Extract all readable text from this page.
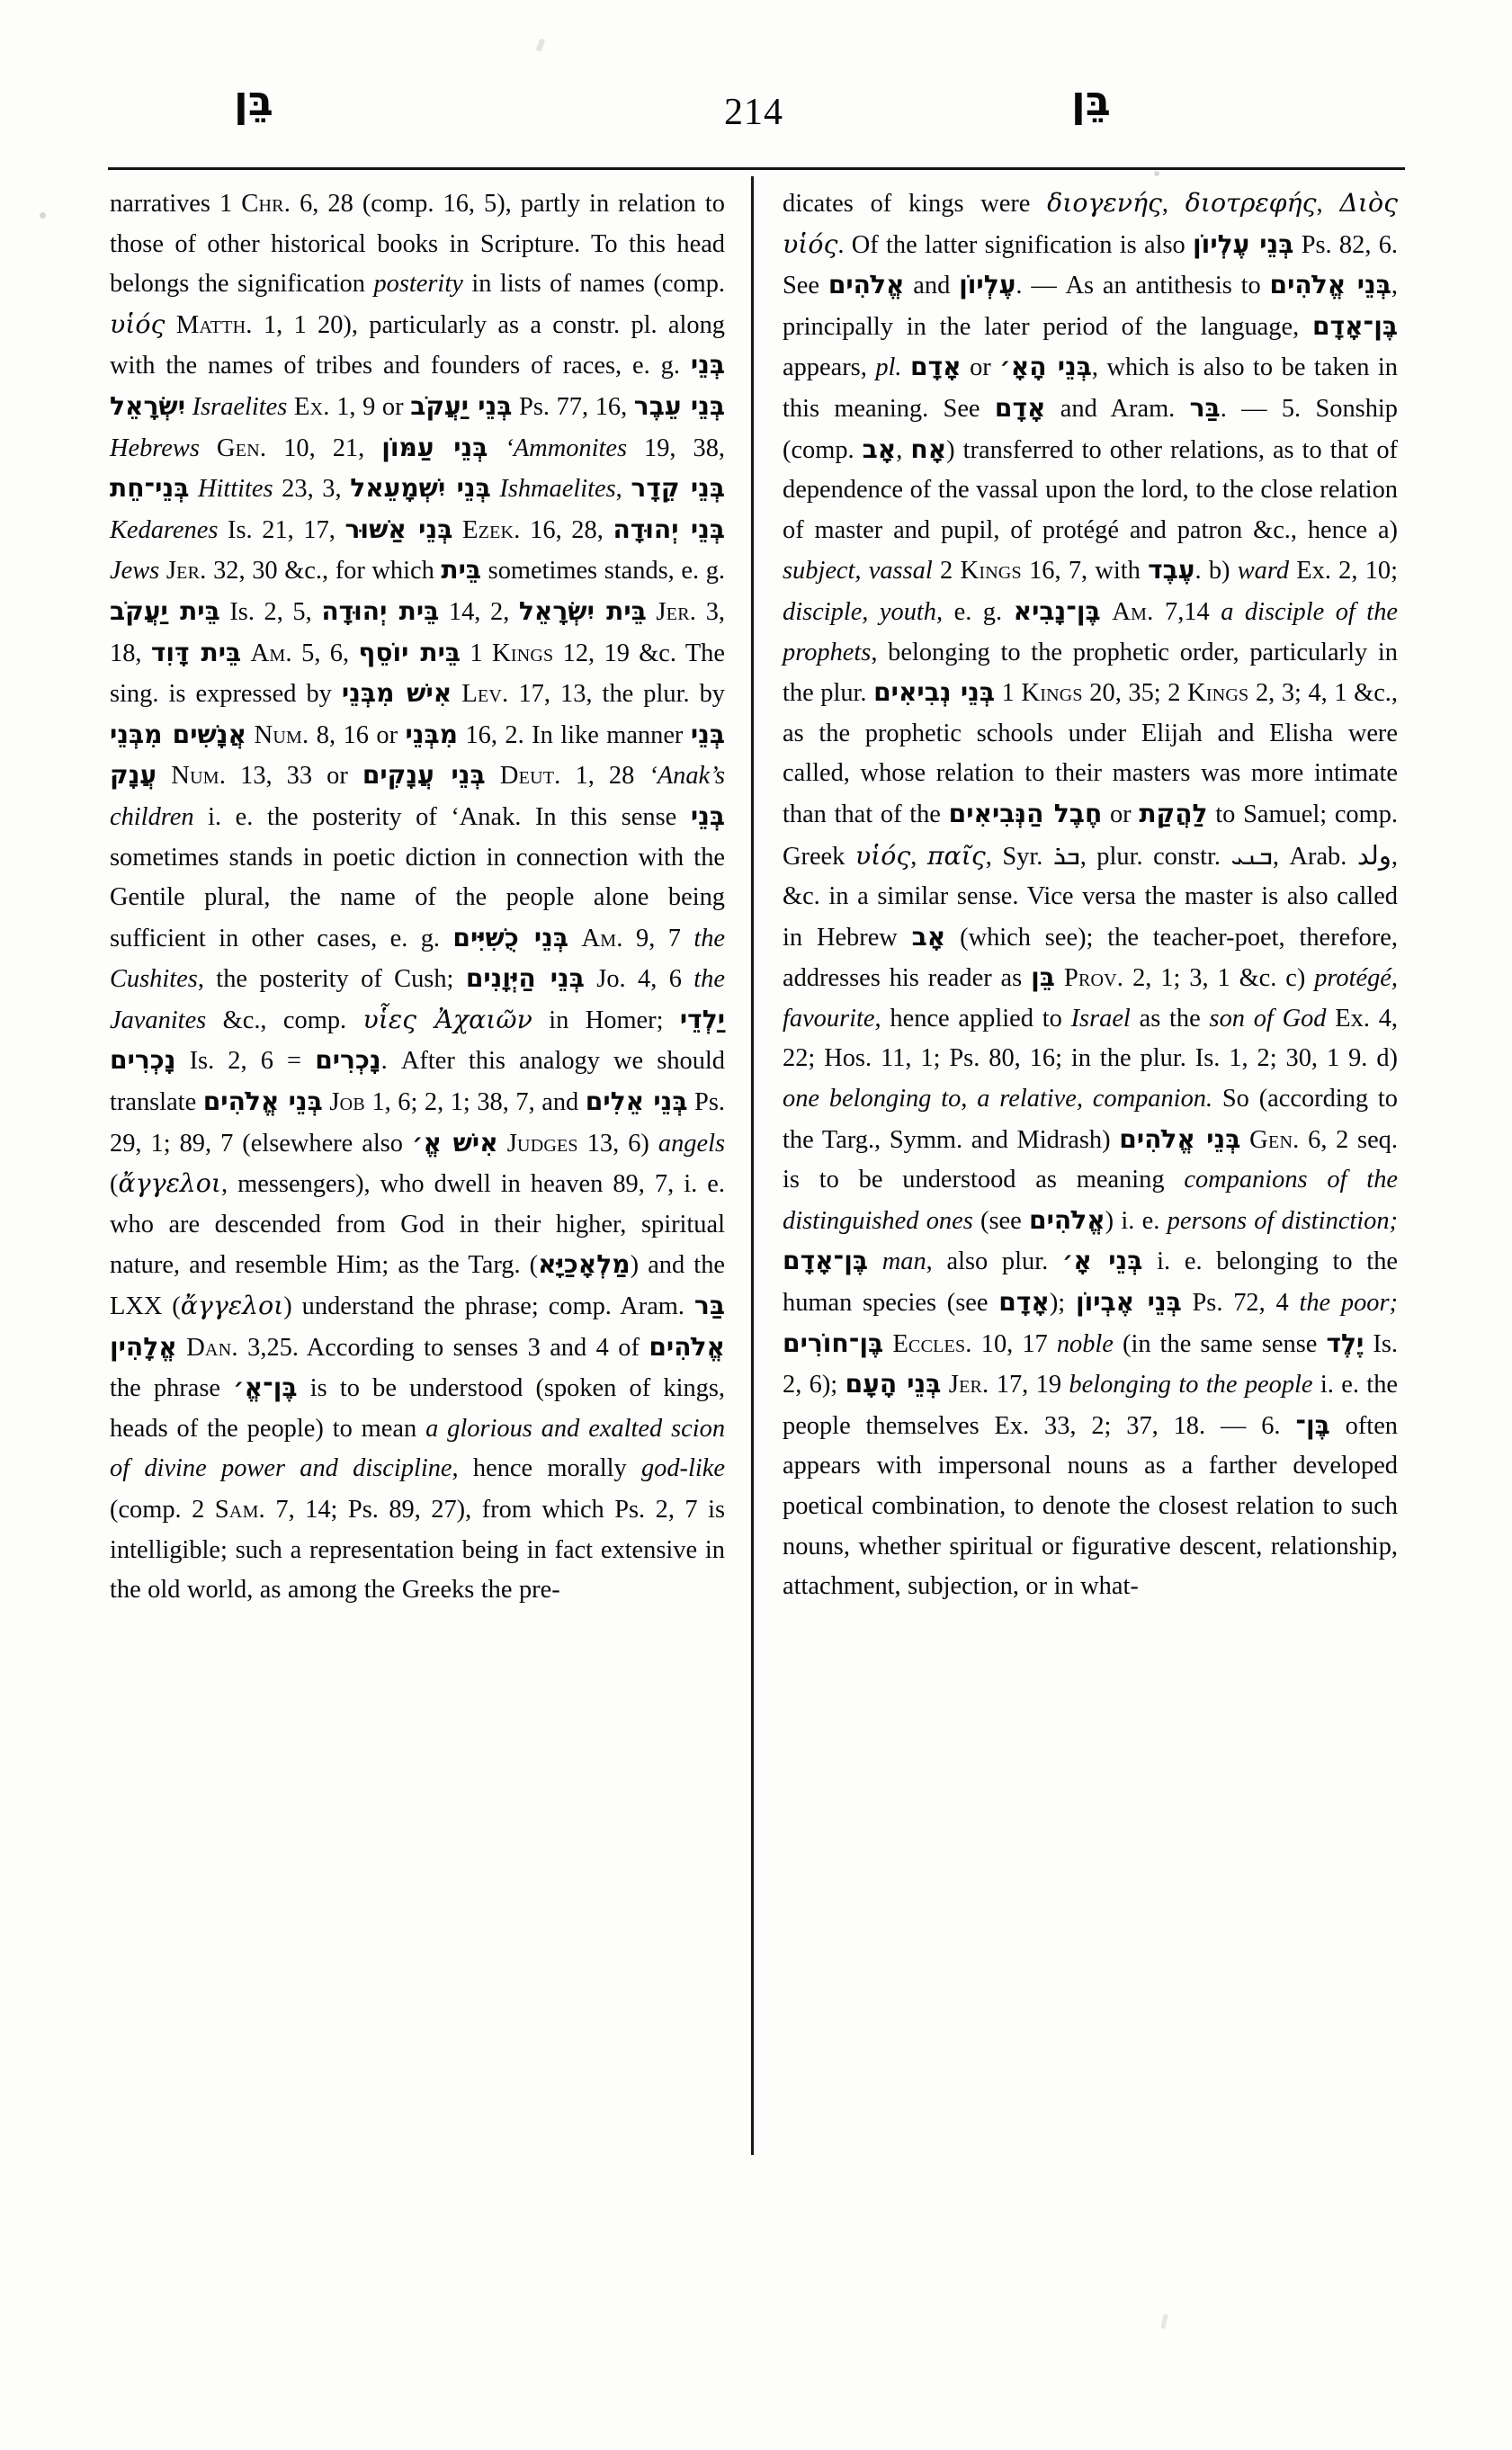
בֵּן	214	בֵּן

narratives 1 Chr. 6, 28 (comp. 16, 5), partly in relation to those of other historical books in Scripture. To this head belongs the signification posterity in lists of names (comp. υἱός Matth. 1, 1 20), particularly as a constr. pl. along with the names of tribes and founders of races, e. g. בְּנֵי יִשְׂרָאֵל Israelites Ex. 1, 9 or בְּנֵי יַעֲקֹב Ps. 77, 16, בְּנֵי עֵבֶר Hebrews Gen. 10, 21, בְּנֵי עַמּוֹן ‘Ammonites 19, 38, בְּנֵי־חֵת Hittites 23, 3, בְּנֵי יִשְׁמָעֵאל Ishmaelites, בְּנֵי קֵדָר Kedarenes Is. 21, 17, בְּנֵי אַשּׁוּר Ezek. 16, 28, בְּנֵי יְהוּדָה Jews Jer. 32, 30 &c., for which בֵּית sometimes stands, e. g. בֵּית יַעֲקֹב Is. 2, 5, בֵּית יְהוּדָה 14, 2, בֵּית יִשְׂרָאֵל Jer. 3, 18, בֵּית דָּוִד Am. 5, 6, בֵּית יוֹסֵף 1 Kings 12, 19 &c. The sing. is expressed by אִישׁ מִבְּנֵי Lev. 17, 13, the plur. by אֲנָשִׁים מִבְּנֵי Num. 8, 16 or מִבְּנֵי 16, 2. In like manner בְּנֵי עֲנָק Num. 13, 33 or בְּנֵי עֲנָקִים Deut. 1, 28 ‘Anak’s children i. e. the posterity of ‘Anak. In this sense בְּנֵי sometimes stands in poetic diction in connection with the Gentile plural, the name of the people alone being sufficient in other cases, e. g. בְּנֵי כֻשִׁיִּים Am. 9, 7 the Cushites, the posterity of Cush; בְּנֵי הַיְּוָנִים Jo. 4, 6 the Javanites &c., comp. υἷες Ἀχαιῶν in Homer; יַלְדֵי נָכְרִים Is. 2, 6 = נָכְרִים. After this analogy we should translate בְּנֵי אֱלֹהִים Job 1, 6; 2, 1; 38, 7, and בְּנֵי אֵלִים Ps. 29, 1; 89, 7 (elsewhere also אִישׁ אֱ׳ Judges 13, 6) angels (ἄγγελοι, messengers), who dwell in heaven 89, 7, i. e. who are descended from God in their higher, spiritual nature, and resemble Him; as the Targ. (מַלְאָכַיָּא) and the LXX (ἄγγελοι) understand the phrase; comp. Aram. בַּר אֱלָהִין Dan. 3,25. According to senses 3 and 4 of אֱלֹהִים the phrase בֶּן־אֱ׳ is to be understood (spoken of kings, heads of the people) to mean a glorious and exalted scion of divine power and discipline, hence morally god-like (comp. 2 Sam. 7, 14; Ps. 89, 27), from which Ps. 2, 7 is intelligible; such a representation being in fact extensive in the old world, as among the Greeks the pre-

dicates of kings were διογενής, διοτρεφής, Διὸς υἱός. Of the latter signification is also בְּנֵי עֶלְיוֹן Ps. 82, 6. See אֱלֹהִים and עֶלְיוֹן. — As an antithesis to בְּנֵי אֱלֹהִים, principally in the later period of the language, בֶּן־אָדָם appears, pl. אָדָם or בְּנֵי הָאָ׳, which is also to be taken in this meaning. See אָדָם and Aram. בַּר. — 5. Sonship (comp. אָב, אָח) transferred to other relations, as to that of dependence of the vassal upon the lord, to the close relation of master and pupil, of protégé and patron &c., hence a) subject, vassal 2 Kings 16, 7, with עֶבֶד. b) ward Ex. 2, 10; disciple, youth, e. g. בֶּן־נָבִיא Am. 7,14 a disciple of the prophets, belonging to the prophetic order, particularly in the plur. בְּנֵי נְבִיאִים 1 Kings 20, 35; 2 Kings 2, 3; 4, 1 &c., as the prophetic schools under Elijah and Elisha were called, whose relation to their masters was more intimate than that of the חֶבֶל הַנְּבִיאִים or לַהֲקַת to Samuel; comp. Greek υἱός, παῖς, Syr. ܒܪ, plur. constr. ܒܢܝ, Arab. ولد, &c. in a similar sense. Vice versa the master is also called in Hebrew אָב (which see); the teacher-poet, therefore, addresses his reader as בֵּן Prov. 2, 1; 3, 1 &c. c) protégé, favourite, hence applied to Israel as the son of God Ex. 4, 22; Hos. 11, 1; Ps. 80, 16; in the plur. Is. 1, 2; 30, 1 9. d) one belonging to, a relative, companion. So (according to the Targ., Symm. and Midrash) בְּנֵי אֱלֹהִים Gen. 6, 2 seq. is to be understood as meaning companions of the distinguished ones (see אֱלֹהִים) i. e. persons of distinction; בֶּן־אָדָם man, also plur. בְּנֵי אָ׳ i. e. belonging to the human species (see אָדָם); בְּנֵי אֶבְיוֹן Ps. 72, 4 the poor; בֶּן־חוֹרִים Eccles. 10, 17 noble (in the same sense יֶלֶד Is. 2, 6); בְּנֵי הָעָם Jer. 17, 19 belonging to the people i. e. the people themselves Ex. 33, 2; 37, 18. — 6. בֶּן־ often appears with impersonal nouns as a farther developed poetical combination, to denote the closest relation to such nouns, whether spiritual or figurative descent, relationship, attachment, subjection, or in what-
